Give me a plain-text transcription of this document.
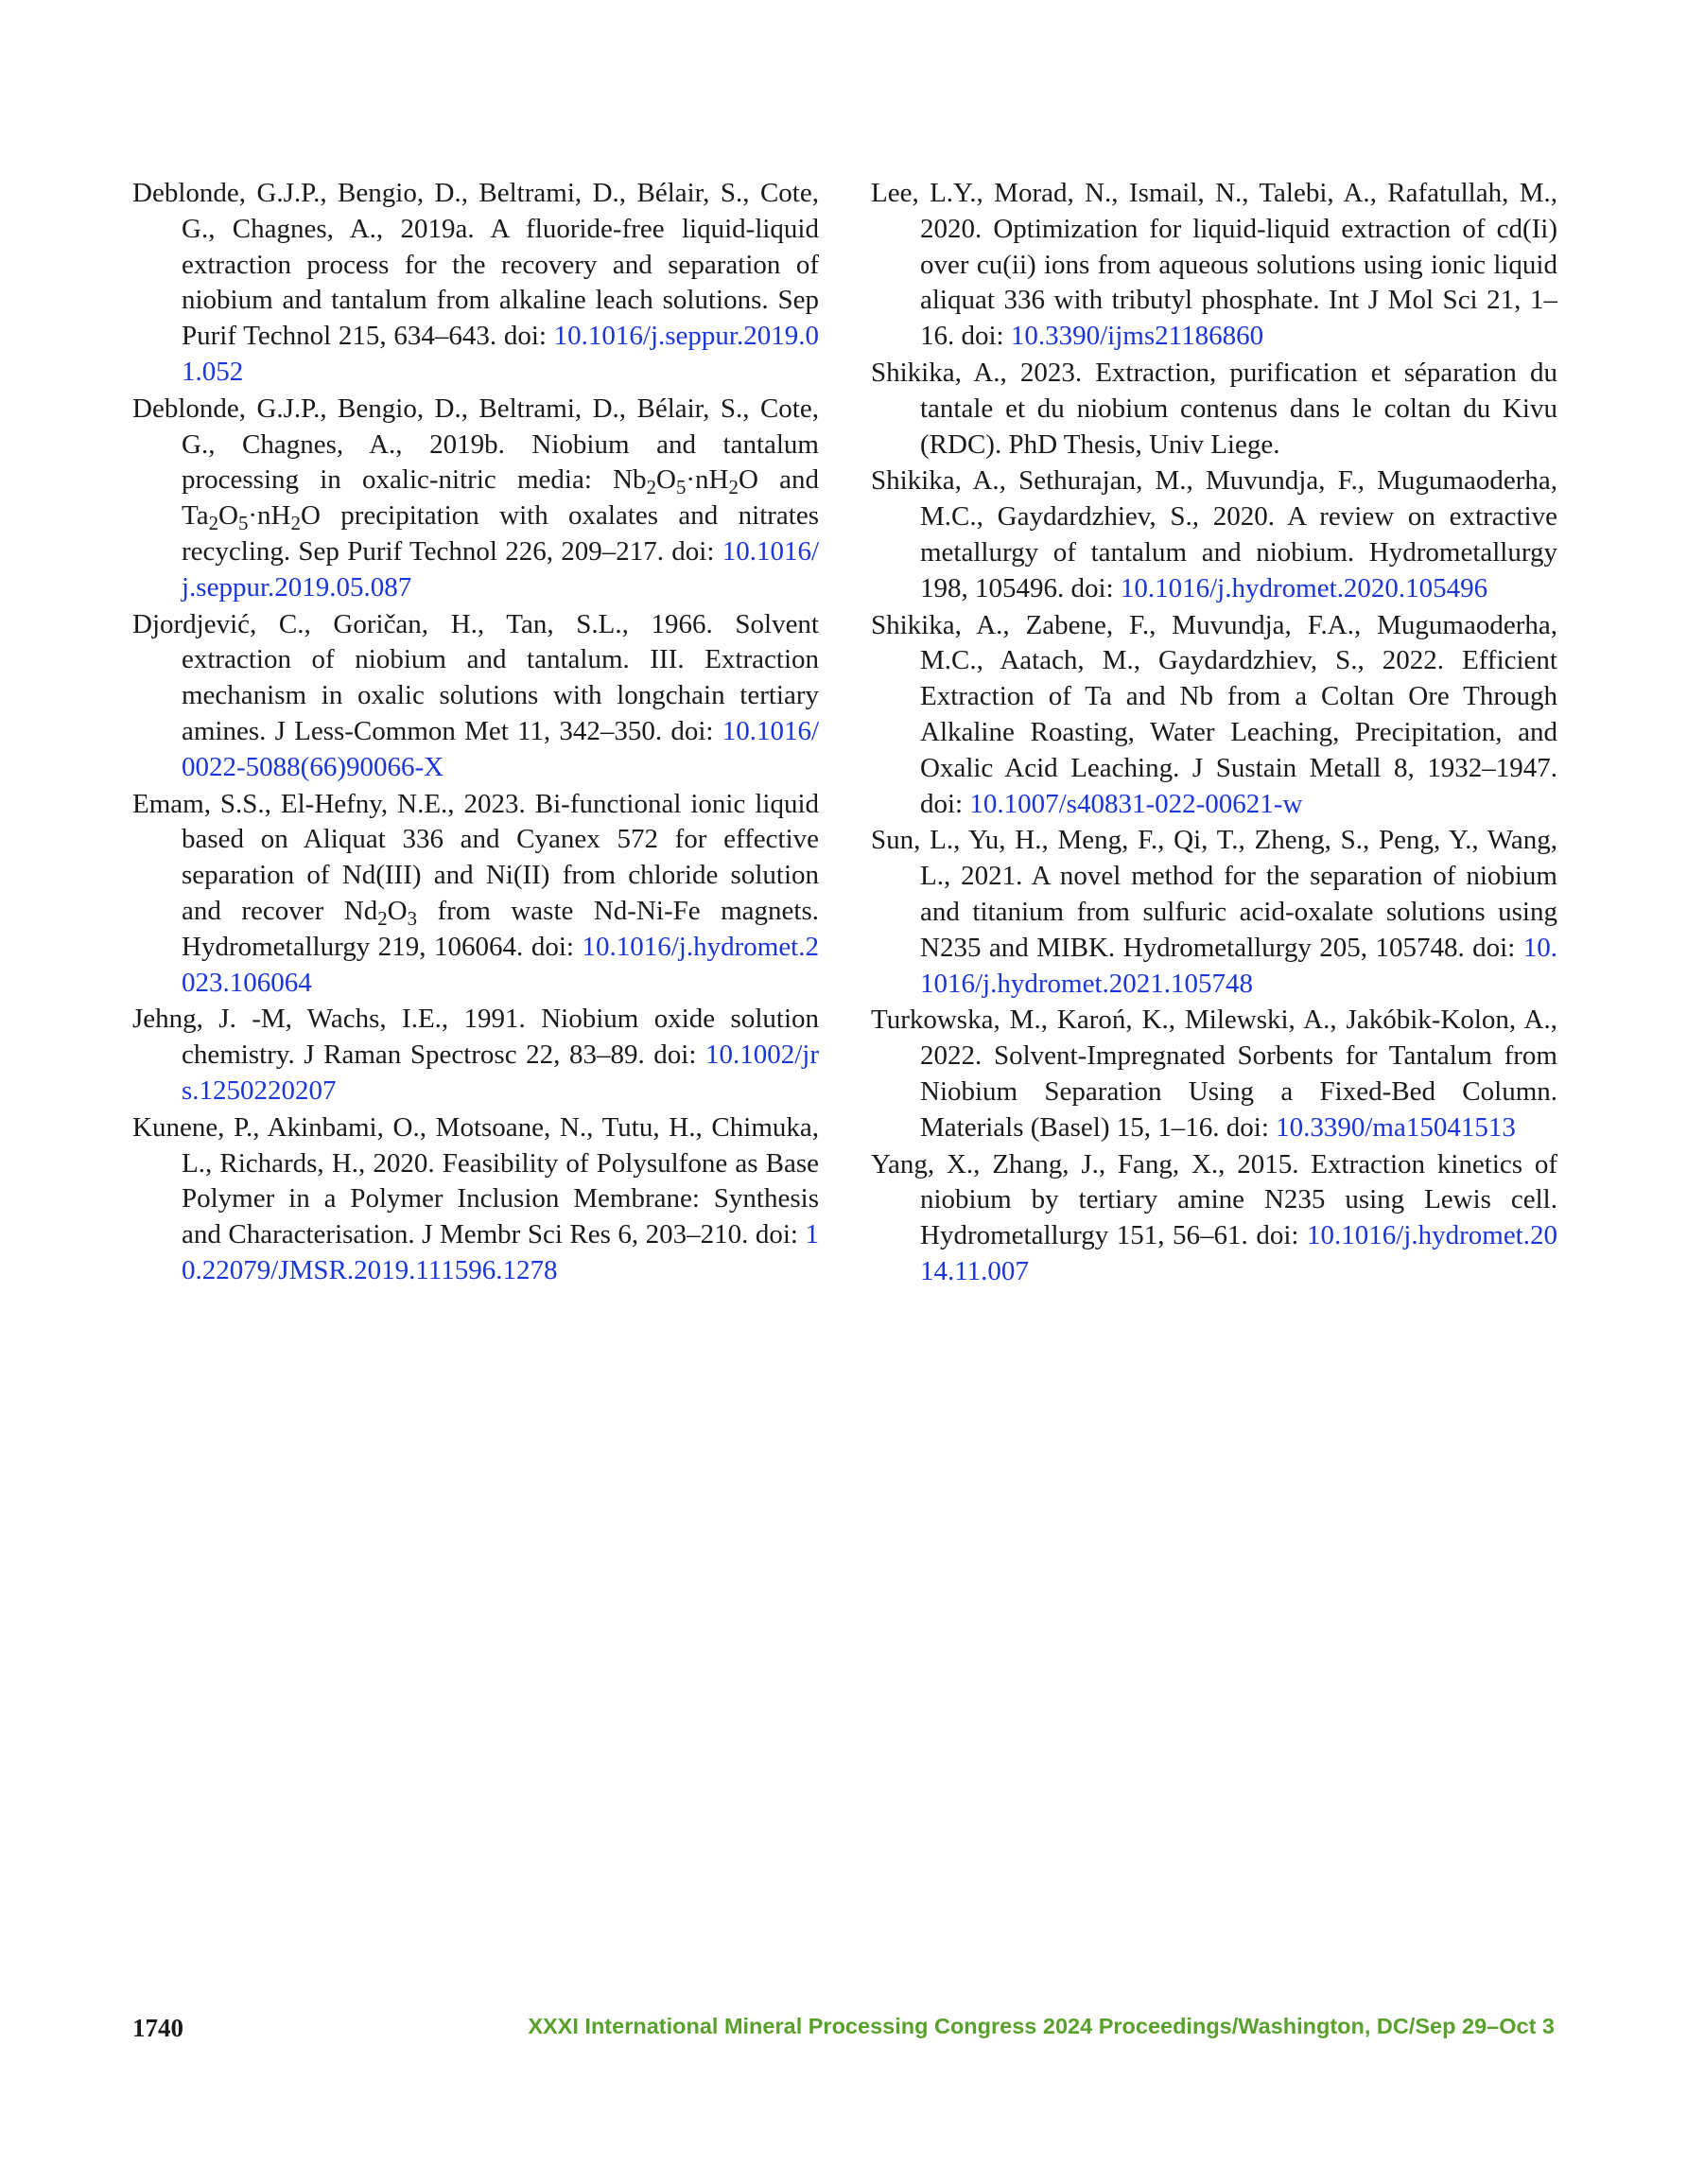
Deblonde, G.J.P., Bengio, D., Beltrami, D., Bélair, S., Cote, G., Chagnes, A., 2019a. A fluoride-free liquid-liquid extraction process for the recovery and separation of niobium and tantalum from alkaline leach solutions. Sep Purif Technol 215, 634–643. doi: 10.1016/j.seppur.2019.01.052

Deblonde, G.J.P., Bengio, D., Beltrami, D., Bélair, S., Cote, G., Chagnes, A., 2019b. Niobium and tantalum processing in oxalic-nitric media: $Nb_2O_5\cdot nH_2O$ and $Ta_2O_5\cdot nH_2O$ precipitation with oxalates and nitrates recycling. Sep Purif Technol 226, 209–217. doi: 10.1016/j.seppur.2019.05.087

Djordjević, C., Goričan, H., Tan, S.L., 1966. Solvent extraction of niobium and tantalum. III. Extraction mechanism in oxalic solutions with longchain tertiary amines. J Less-Common Met 11, 342–350. doi: 10.1016/0022-5088(66)90066-X

Emam, S.S., El-Hefny, N.E., 2023. Bi-functional ionic liquid based on Aliquat 336 and Cyanex 572 for effective separation of Nd(III) and Ni(II) from chloride solution and recover $Nd_2O_3$ from waste Nd-Ni-Fe magnets. Hydrometallurgy 219, 106064. doi: 10.1016/j.hydromet.2023.106064

Jehng, J. -M, Wachs, I.E., 1991. Niobium oxide solution chemistry. J Raman Spectrosc 22, 83–89. doi: 10.1002/jrs.1250220207

Kunene, P., Akinbami, O., Motsoane, N., Tutu, H., Chimuka, L., Richards, H., 2020. Feasibility of Polysulfone as Base Polymer in a Polymer Inclusion Membrane: Synthesis and Characterisation. J Membr Sci Res 6, 203–210. doi: 10.22079/JMSR.2019.111596.1278

Lee, L.Y., Morad, N., Ismail, N., Talebi, A., Rafatullah, M., 2020. Optimization for liquid-liquid extraction of cd(Ii) over cu(ii) ions from aqueous solutions using ionic liquid aliquat 336 with tributyl phosphate. Int J Mol Sci 21, 1–16. doi: 10.3390/ijms21186860

Shikika, A., 2023. Extraction, purification et séparation du tantale et du niobium contenus dans le coltan du Kivu (RDC). PhD Thesis, Univ Liege.

Shikika, A., Sethurajan, M., Muvundja, F., Mugumaoderha, M.C., Gaydardzhiev, S., 2020. A review on extractive metallurgy of tantalum and niobium. Hydrometallurgy 198, 105496. doi: 10.1016/j.hydromet.2020.105496

Shikika, A., Zabene, F., Muvundja, F.A., Mugumaoderha, M.C., Aatach, M., Gaydardzhiev, S., 2022. Efficient Extraction of Ta and Nb from a Coltan Ore Through Alkaline Roasting, Water Leaching, Precipitation, and Oxalic Acid Leaching. J Sustain Metall 8, 1932–1947. doi: 10.1007/s40831-022-00621-w

Sun, L., Yu, H., Meng, F., Qi, T., Zheng, S., Peng, Y., Wang, L., 2021. A novel method for the separation of niobium and titanium from sulfuric acid-oxalate solutions using N235 and MIBK. Hydrometallurgy 205, 105748. doi: 10.1016/j.hydromet.2021.105748

Turkowska, M., Karoń, K., Milewski, A., Jakóbik-Kolon, A., 2022. Solvent-Impregnated Sorbents for Tantalum from Niobium Separation Using a Fixed-Bed Column. Materials (Basel) 15, 1–16. doi: 10.3390/ma15041513

Yang, X., Zhang, J., Fang, X., 2015. Extraction kinetics of niobium by tertiary amine N235 using Lewis cell. Hydrometallurgy 151, 56–61. doi: 10.1016/j.hydromet.2014.11.007

1740	XXXI International Mineral Processing Congress 2024 Proceedings/Washington, DC/Sep 29–Oct 3
